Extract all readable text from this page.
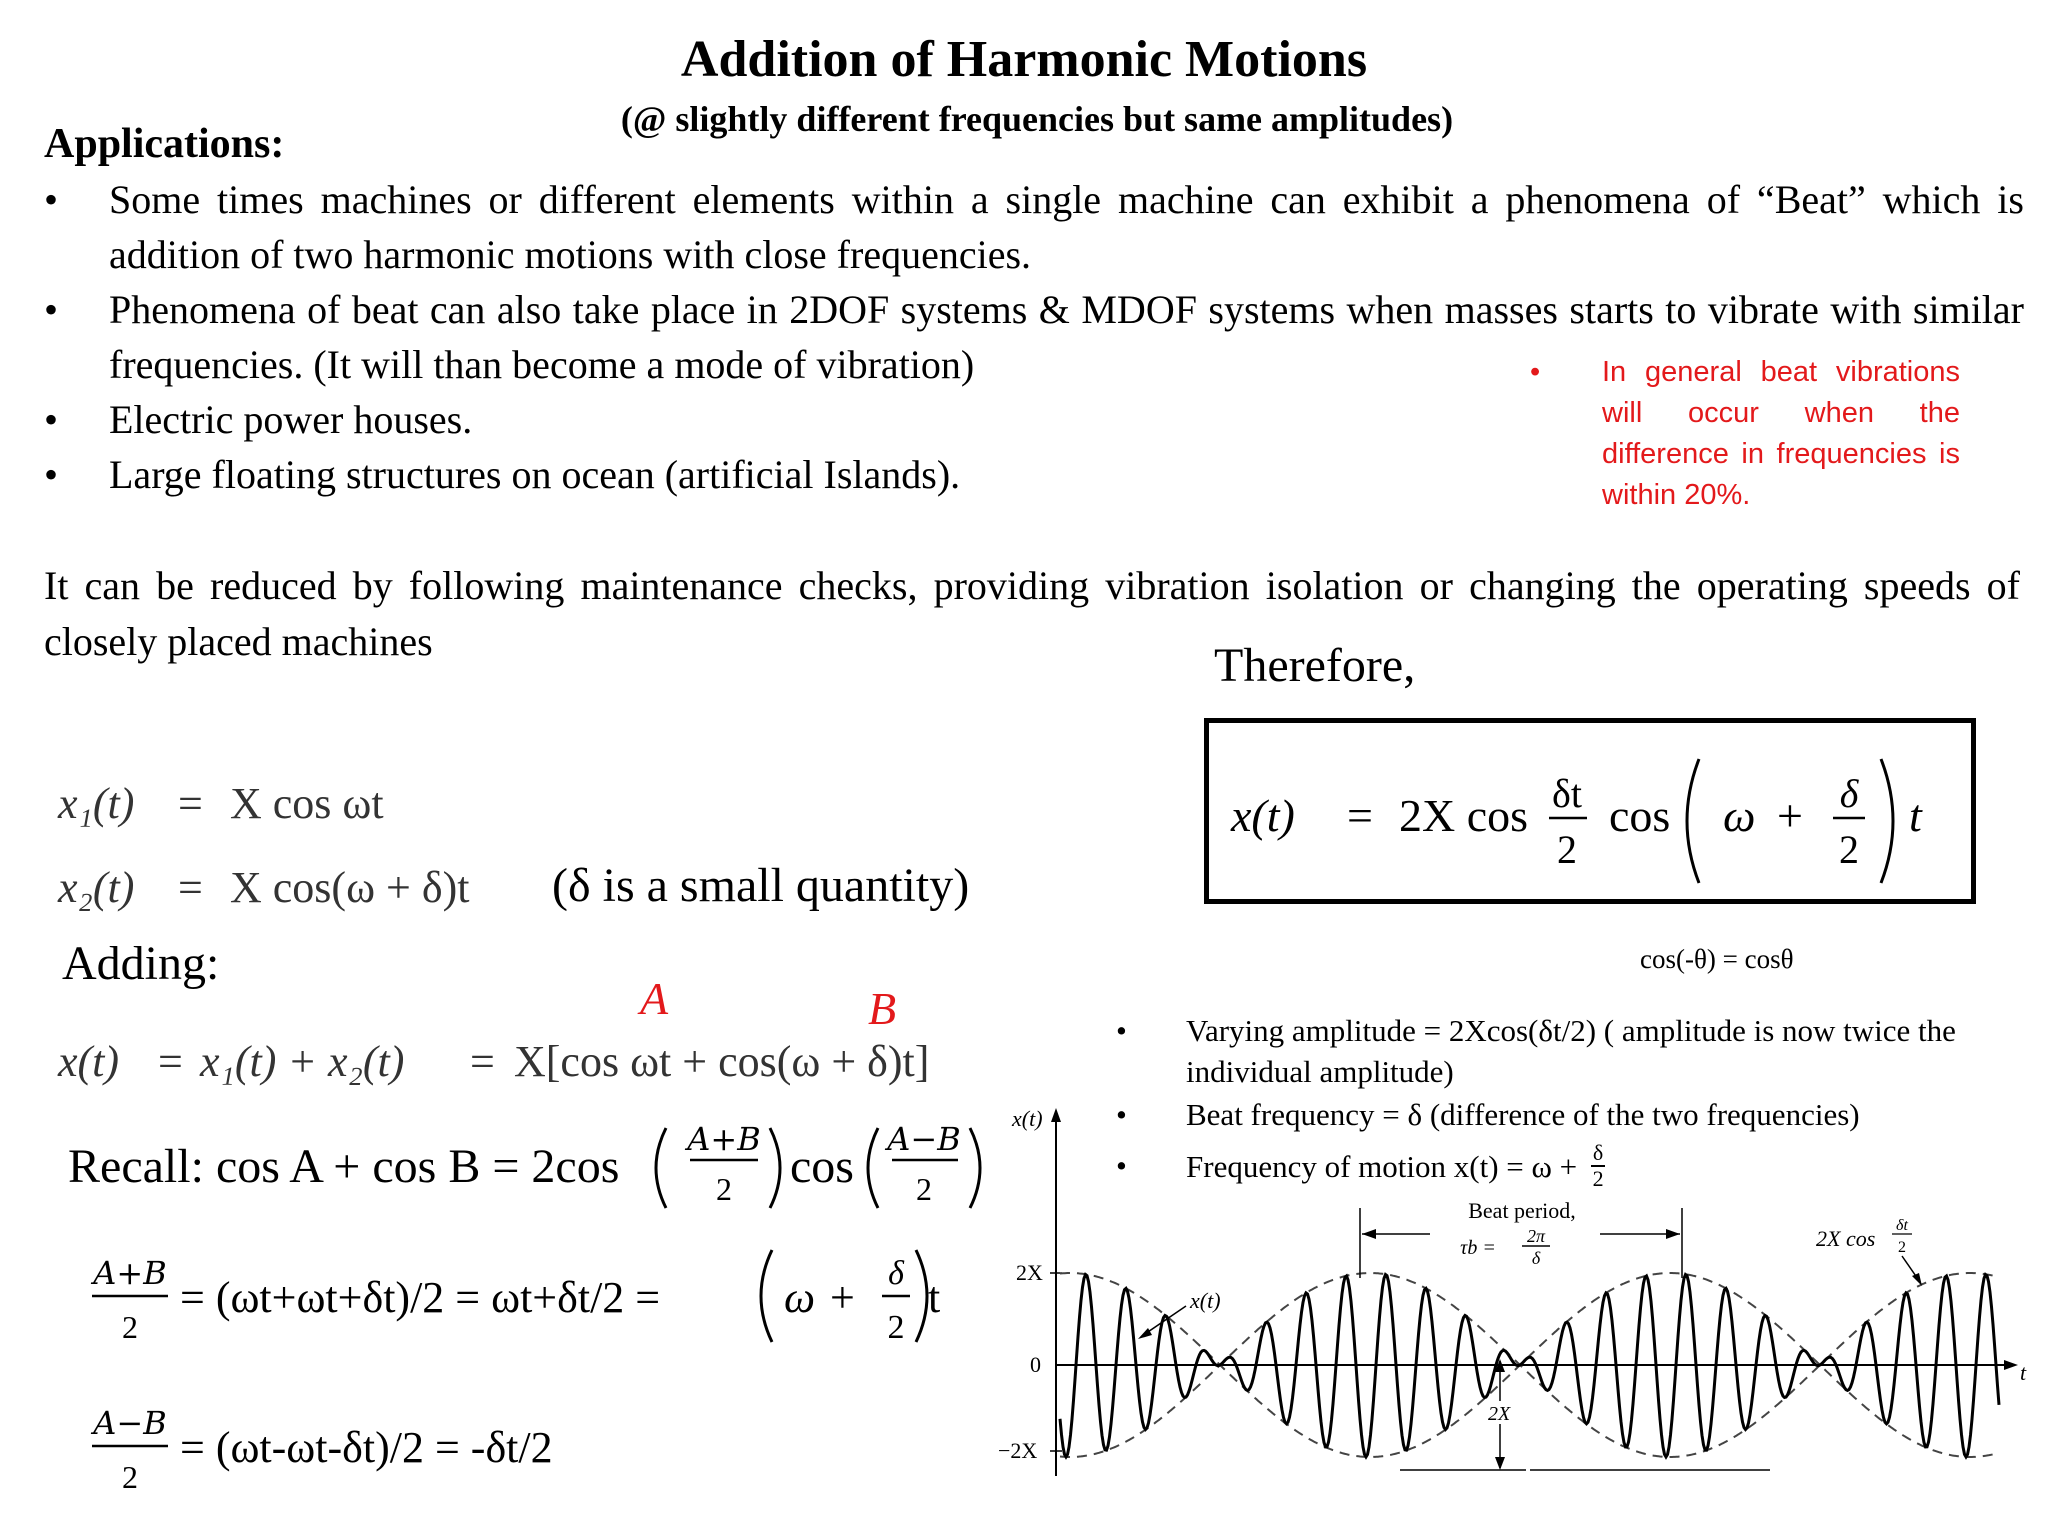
Addition of Harmonic Motions
(@ slightly different frequencies but same amplitudes)
Applications:
• Some times machines or different elements within a single machine can exhibit a phenomena of “Beat” which is addition of two harmonic motions with close frequencies.
• Phenomena of beat can also take place in 2DOF systems & MDOF systems when masses starts to vibrate with similar frequencies. (It will than become a mode of vibration)
• Electric power houses.
• Large floating structures on ocean (artificial Islands).
•	In general beat vibrations will occur when the difference in frequencies is within 20%.
It can be reduced by following maintenance checks, providing vibration isolation or changing the operating speeds of closely placed machines	Therefore,
x(t) = 2X cos δt
2
cos ω + δ
2
t
cos(-θ) = cosθ
x₁(t) = X cos ωt
x₂(t) = X cos(ω + δ)t
x(t) = x₁(t) + x₂(t) = X[cos ωt + cos(ω + δ)t]
Recall: cos A + cos B = 2cos
A+B
2 cos
A−B
2
A+B
2
= (ωt+ωt+δt)/2 = ωt+δt/2 =	ω + δ
2
t
A−B
2
= (ωt-ωt-δt)/2 = -δt/2
(δ is a small quantity)
Adding:
A	B	• Varying amplitude = 2Xcos(δt/2) ( amplitude is now twice the individual amplitude)
• Beat frequency = δ (difference of the two frequencies)
• Frequency of motion $x(t) = \omega + \frac{\delta}{2}$
x(t)
t
2X
0
−2X
Beat period,
τb =
2π
δ
x(t)
2X cos
δt
2
2X
